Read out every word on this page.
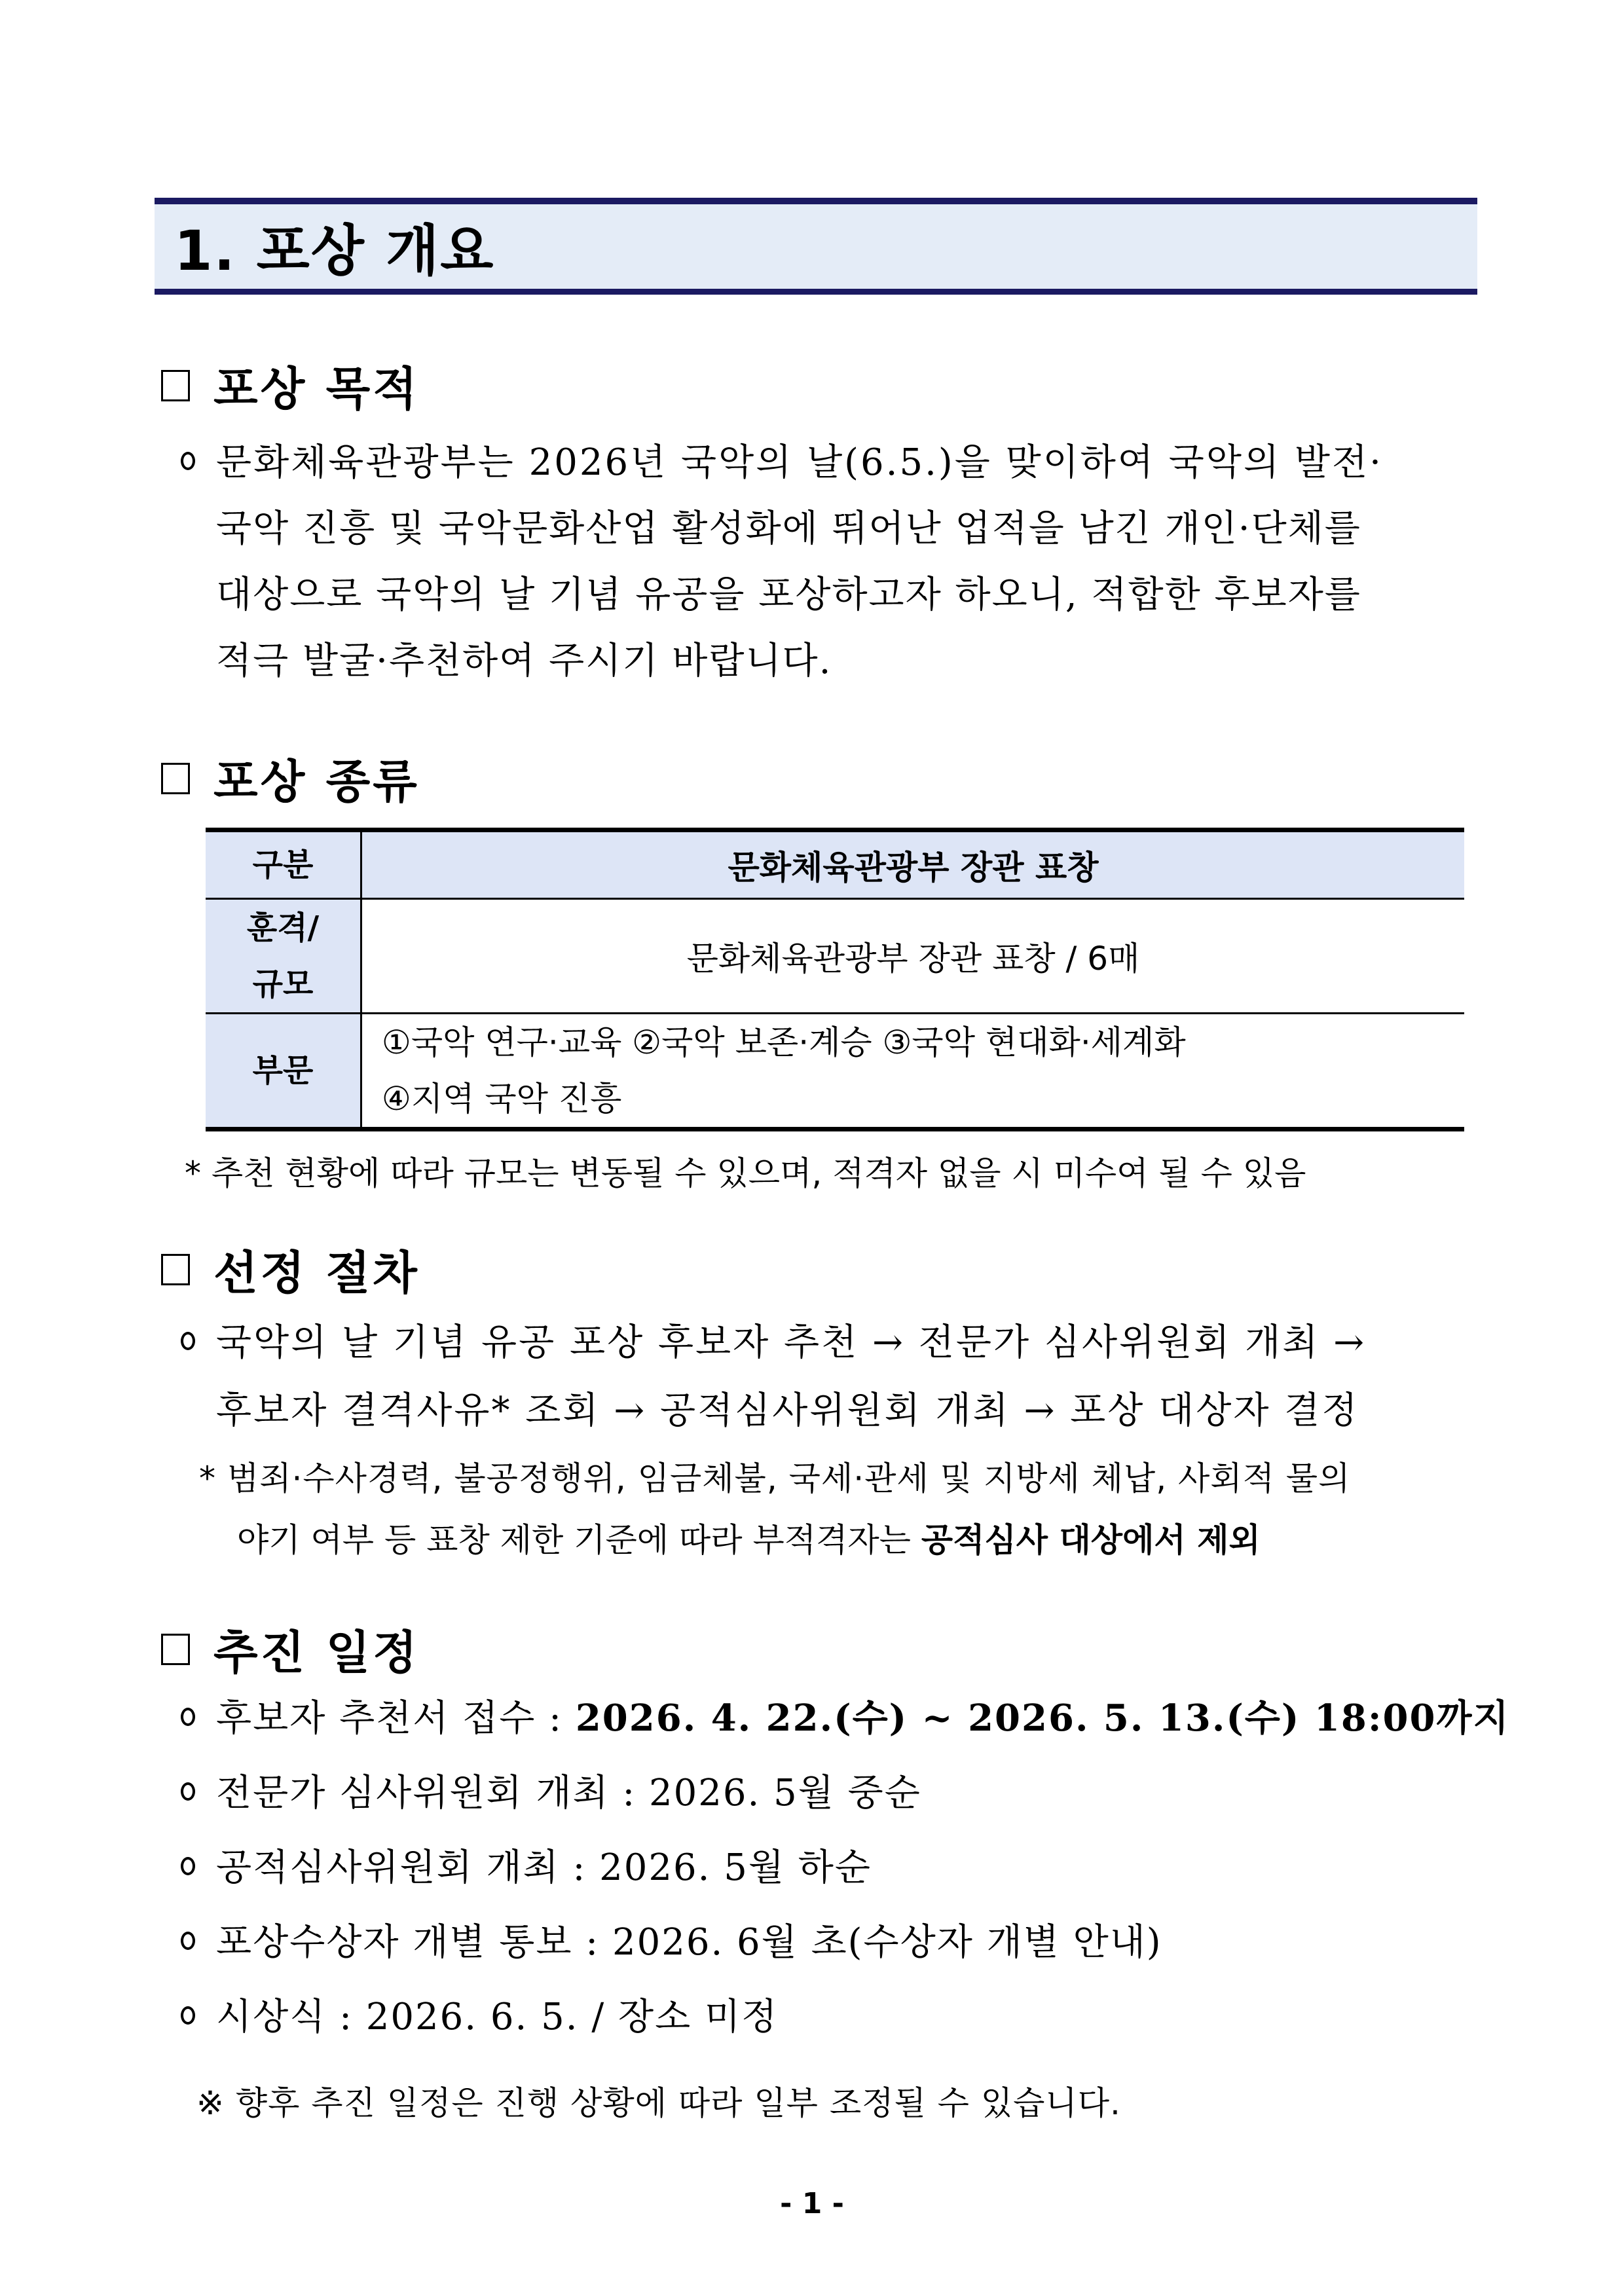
1. 포상 개요
포상 목적
문화체육관광부는 2026년 국악의 날(6.5.)을 맞이하여 국악의 발전·
국악 진흥 및 국악문화산업 활성화에 뛰어난 업적을 남긴 개인·단체를
대상으로 국악의 날 기념 유공을 포상하고자 하오니, 적합한 후보자를
적극 발굴·추천하여 주시기 바랍니다.
포상 종류
구분	문화체육관광부 장관 표창

훈격/
규모	문화체육관광부 장관 표창 / 6매
부문	①국악 연구·교육 ②국악 보존·계승 ③국악 현대화·세계화
④지역 국악 진흥
* 추천 현황에 따라 규모는 변동될 수 있으며, 적격자 없을 시 미수여 될 수 있음
선정 절차
국악의 날 기념 유공 포상 후보자 추천 → 전문가 심사위원회 개최 →
후보자 결격사유* 조회 → 공적심사위원회 개최 → 포상 대상자 결정
* 범죄·수사경력, 불공정행위, 임금체불, 국세·관세 및 지방세 체납, 사회적 물의
야기 여부 등 표창 제한 기준에 따라 부적격자는 공적심사 대상에서 제외
추진 일정
후보자 추천서 접수 : 2026. 4. 22.(수) ~ 2026. 5. 13.(수) 18:00까지
전문가 심사위원회 개최 : 2026. 5월 중순
공적심사위원회 개최 : 2026. 5월 하순
포상수상자 개별 통보 : 2026. 6월 초(수상자 개별 안내)
시상식 : 2026. 6. 5. / 장소 미정
※ 향후 추진 일정은 진행 상황에 따라 일부 조정될 수 있습니다.
- 1 -
